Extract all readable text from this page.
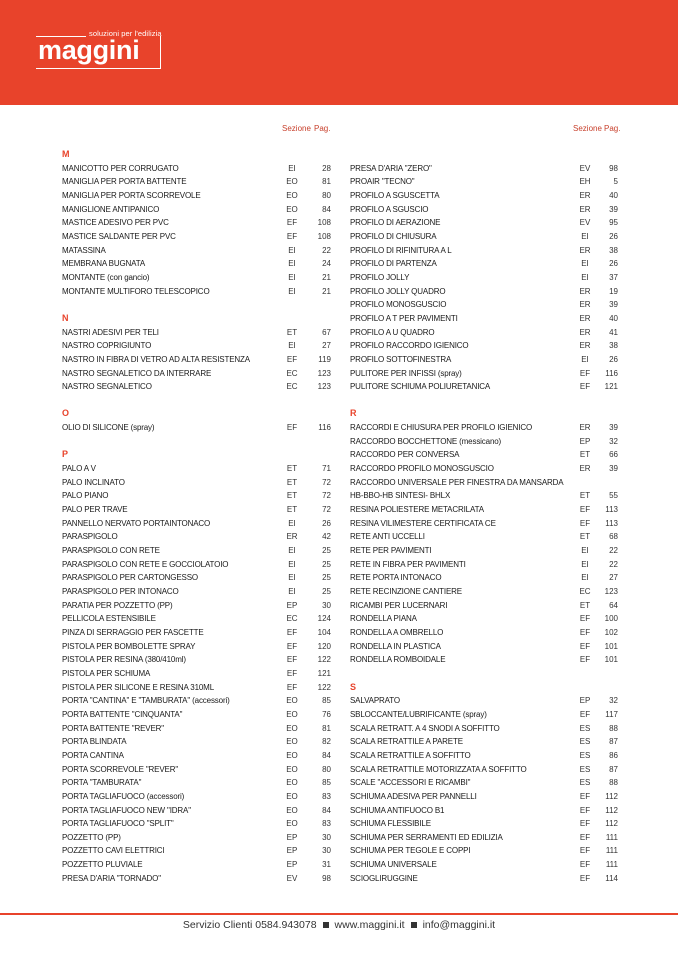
soluzioni per l'edilizia
maggini
Sezione Pag.
M
MANICOTTO PER CORRUGATO	EI	28
MANIGLIA PER PORTA BATTENTE	EO	81
MANIGLIA PER PORTA SCORREVOLE	EO	80
MANIGLIONE ANTIPANICO	EO	84
MASTICE ADESIVO PER PVC	EF	108
MASTICE SALDANTE PER PVC	EF	108
MATASSINA	EI	22
MEMBRANA BUGNATA	EI	24
MONTANTE (con gancio)	EI	21
MONTANTE MULTIFORO TELESCOPICO	EI	21
N
NASTRI ADESIVI PER TELI	ET	67
NASTRO COPRIGIUNTO	EI	27
NASTRO IN FIBRA DI VETRO AD ALTA RESISTENZA	EF	119
NASTRO SEGNALETICO DA INTERRARE	EC	123
NASTRO SEGNALETICO	EC	123
O
OLIO DI SILICONE (spray)	EF	116
P
PALO A V	ET	71
PALO INCLINATO	ET	72
PALO PIANO	ET	72
PALO PER TRAVE	ET	72
PANNELLO NERVATO PORTAINTONACO	EI	26
PARASPIGOLO	ER	42
PARASPIGOLO CON RETE	EI	25
PARASPIGOLO CON RETE E GOCCIOLATOIO	EI	25
PARASPIGOLO PER CARTONGESSO	EI	25
PARASPIGOLO PER INTONACO	EI	25
PARATIA PER POZZETTO (PP)	EP	30
PELLICOLA ESTENSIBILE	EC	124
PINZA DI SERRAGGIO PER FASCETTE	EF	104
PISTOLA PER BOMBOLETTE SPRAY	EF	120
PISTOLA PER RESINA (380/410ml)	EF	122
PISTOLA PER SCHIUMA	EF	121
PISTOLA PER SILICONE E RESINA 310ML	EF	122
PORTA "CANTINA" E "TAMBURATA" (accessori)	EO	85
PORTA BATTENTE "CINQUANTA"	EO	76
PORTA BATTENTE "REVER"	EO	81
PORTA BLINDATA	EO	82
PORTA CANTINA	EO	84
PORTA SCORREVOLE "REVER"	EO	80
PORTA "TAMBURATA"	EO	85
PORTA TAGLIAFUOCO (accessori)	EO	83
PORTA TAGLIAFUOCO NEW "IDRA"	EO	84
PORTA TAGLIAFUOCO "SPLIT"	EO	83
POZZETTO (PP)	EP	30
POZZETTO CAVI ELETTRICI	EP	30
POZZETTO PLUVIALE	EP	31
PRESA D'ARIA "TORNADO"	EV	98
Sezione Pag.
PRESA D'ARIA "ZERO"	EV	98
PROAIR "TECNO"	EH	5
PROFILO A SGUSCETTA	ER	40
PROFILO A SGUSCIO	ER	39
PROFILO DI AERAZIONE	EV	95
PROFILO DI CHIUSURA	EI	26
PROFILO DI RIFINITURA A L	ER	38
PROFILO DI PARTENZA	EI	26
PROFILO JOLLY	EI	37
PROFILO JOLLY QUADRO	ER	19
PROFILO MONOSGUSCIO	ER	39
PROFILO A T PER PAVIMENTI	ER	40
PROFILO A U QUADRO	ER	41
PROFILO RACCORDO IGIENICO	ER	38
PROFILO SOTTOFINESTRA	EI	26
PULITORE PER INFISSI (spray)	EF	116
PULITORE SCHIUMA POLIURETANICA	EF	121
R
RACCORDI E CHIUSURA PER PROFILO IGIENICO	ER	39
RACCORDO BOCCHETTONE (messicano)	EP	32
RACCORDO PER CONVERSA	ET	66
RACCORDO PROFILO MONOSGUSCIO	ER	39
RACCORDO UNIVERSALE PER FINESTRA DA MANSARDA
HB-BBO-HB SINTESI- BHLX	ET	55
RESINA POLIESTERE METACRILATA	EF	113
RESINA VILIMESTERE CERTIFICATA CE	EF	113
RETE ANTI UCCELLI	ET	68
RETE PER PAVIMENTI	EI	22
RETE IN FIBRA PER PAVIMENTI	EI	22
RETE PORTA INTONACO	EI	27
RETE RECINZIONE CANTIERE	EC	123
RICAMBI PER LUCERNARI	ET	64
RONDELLA PIANA	EF	100
RONDELLA A OMBRELLO	EF	102
RONDELLA IN PLASTICA	EF	101
RONDELLA ROMBOIDALE	EF	101
S
SALVAPRATO	EP	32
SBLOCCANTE/LUBRIFICANTE (spray)	EF	117
SCALA RETRATT. A 4 SNODI A SOFFITTO	ES	88
SCALA RETRATTILE A PARETE	ES	87
SCALA RETRATTILE A SOFFITTO	ES	86
SCALA RETRATTILE MOTORIZZATA A SOFFITTO	ES	87
SCALE "ACCESSORI E RICAMBI"	ES	88
SCHIUMA ADESIVA PER PANNELLI	EF	112
SCHIUMA ANTIFUOCO B1	EF	112
SCHIUMA FLESSIBILE	EF	112
SCHIUMA PER SERRAMENTI ED EDILIZIA	EF	111
SCHIUMA PER TEGOLE E COPPI	EF	111
SCHIUMA UNIVERSALE	EF	111
SCIOGLIRUGGINE	EF	114
Servizio Clienti 0584.943078 www.maggini.it info@maggini.it
